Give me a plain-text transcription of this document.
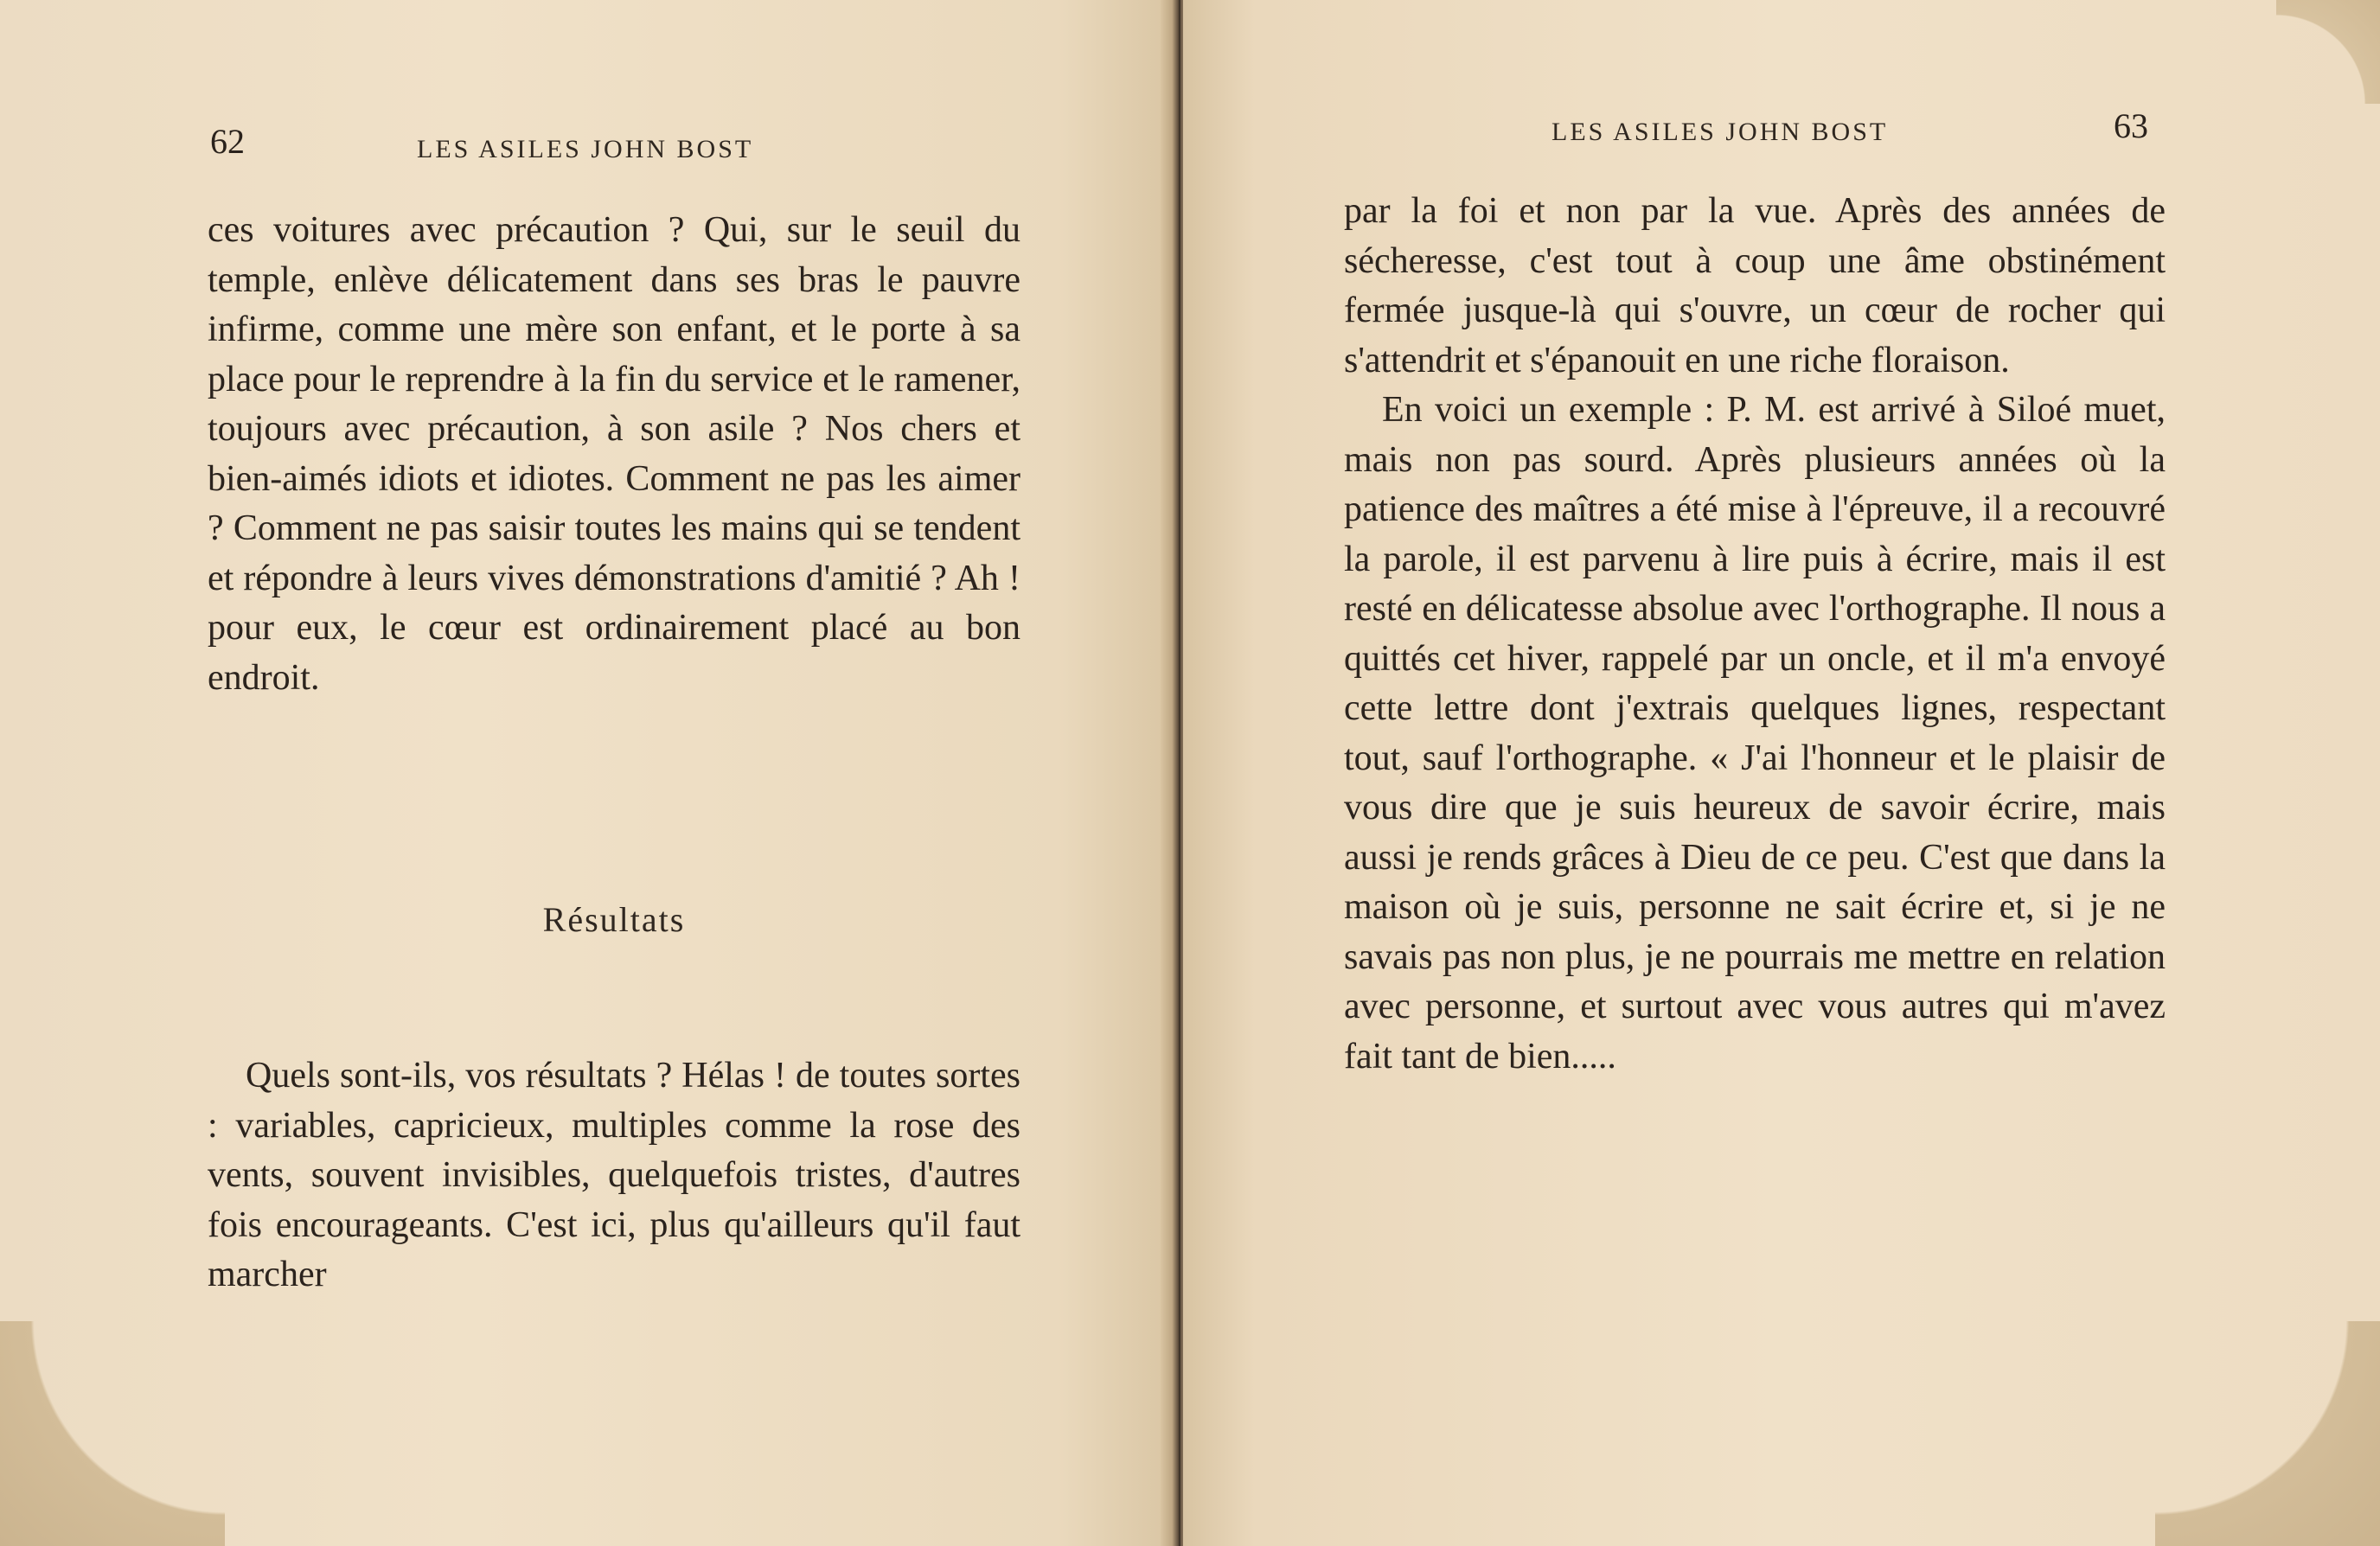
62	LES ASILES JOHN BOST

ces voitures avec précaution ? Qui, sur le seuil du temple, enlève délicatement dans ses bras le pauvre infirme, comme une mère son enfant, et le porte à sa place pour le reprendre à la fin du service et le ramener, toujours avec précaution, à son asile ? Nos chers et bien-aimés idiots et idiotes. Comment ne pas les aimer ? Comment ne pas saisir toutes les mains qui se tendent et répondre à leurs vives démonstrations d'amitié ? Ah ! pour eux, le cœur est ordinairement placé au bon endroit.

Résultats

Quels sont-ils, vos résultats ? Hélas ! de toutes sortes : variables, capricieux, multiples comme la rose des vents, souvent invisibles, quelquefois tristes, d'autres fois encourageants. C'est ici, plus qu'ailleurs qu'il faut marcher

LES ASILES JOHN BOST	63

par la foi et non par la vue. Après des années de sécheresse, c'est tout à coup une âme obstinément fermée jusque-là qui s'ouvre, un cœur de rocher qui s'attendrit et s'épanouit en une riche floraison.

En voici un exemple : P. M. est arrivé à Siloé muet, mais non pas sourd. Après plusieurs années où la patience des maîtres a été mise à l'épreuve, il a recouvré la parole, il est parvenu à lire puis à écrire, mais il est resté en délicatesse absolue avec l'orthographe. Il nous a quittés cet hiver, rappelé par un oncle, et il m'a envoyé cette lettre dont j'extrais quelques lignes, respectant tout, sauf l'orthographe. « J'ai l'honneur et le plaisir de vous dire que je suis heureux de savoir écrire, mais aussi je rends grâces à Dieu de ce peu. C'est que dans la maison où je suis, personne ne sait écrire et, si je ne savais pas non plus, je ne pourrais me mettre en relation avec personne, et surtout avec vous autres qui m'avez fait tant de bien.....
